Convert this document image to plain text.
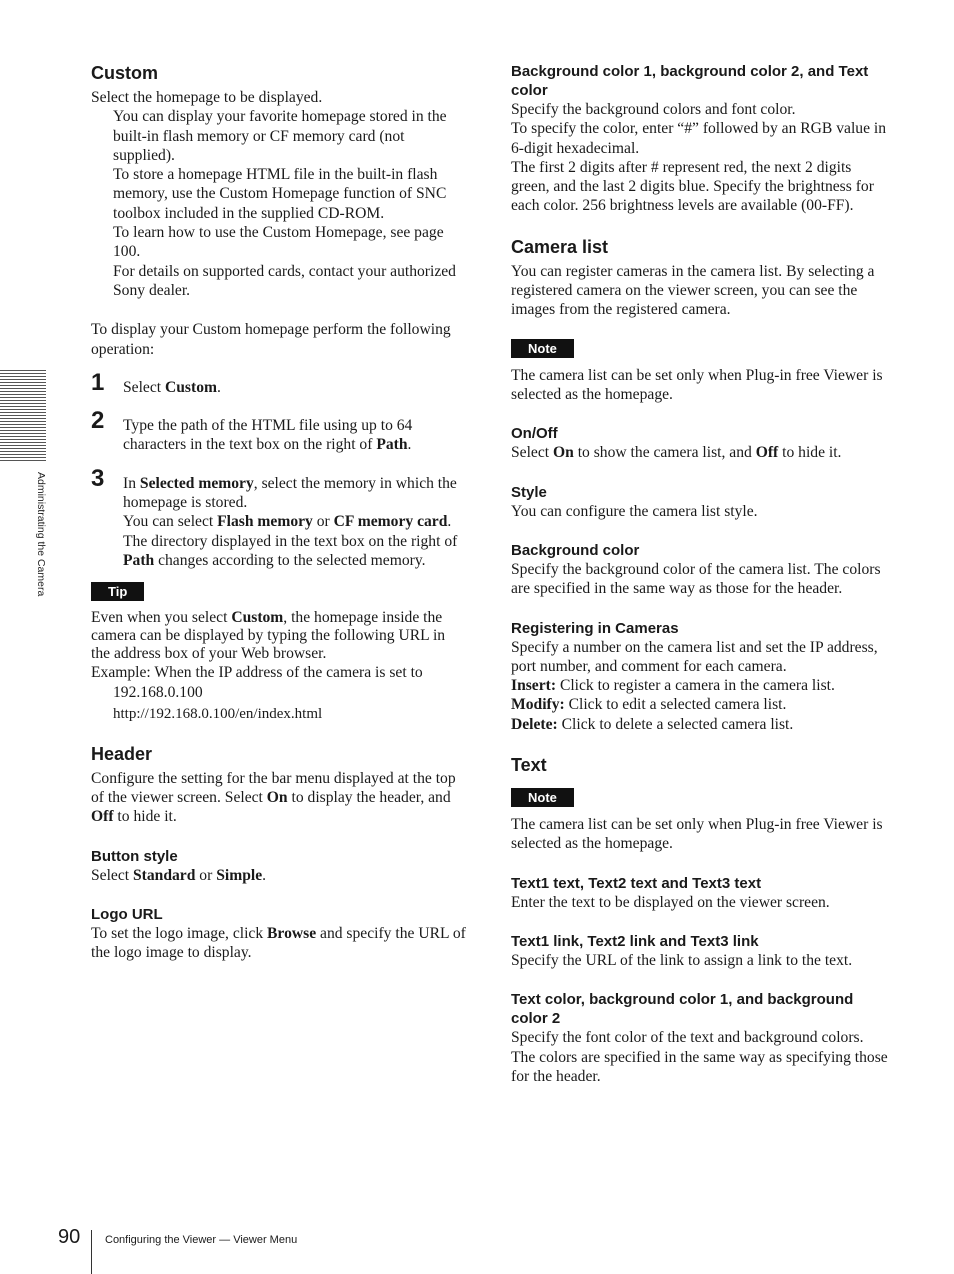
Administrating the Camera
Custom

Select the homepage to be displayed.

You can display your favorite homepage stored in the built-in flash memory or CF memory card (not supplied).

To store a homepage HTML file in the built-in flash memory, use the Custom Homepage function of SNC toolbox included in the supplied CD-ROM.

To learn how to use the Custom Homepage, see page 100.

For details on supported cards, contact your authorized Sony dealer.

To display your Custom homepage perform the following operation:

1 Select Custom.
2 Type the path of the HTML file using up to 64 characters in the text box on the right of Path.
3 In Selected memory, select the memory in which the homepage is stored.

You can select Flash memory or CF memory card.

The directory displayed in the text box on the right of Path changes according to the selected memory.

Tip

Even when you select Custom, the homepage inside the camera can be displayed by typing the following URL in the address box of your Web browser.

Example: When the IP address of the camera is set to 192.168.0.100

http://192.168.0.100/en/index.html

Header

Configure the setting for the bar menu displayed at the top of the viewer screen. Select On to display the header, and Off to hide it.

Button style

Select Standard or Simple.

Logo URL

To set the logo image, click Browse and specify the URL of the logo image to display.

Background color 1, background color 2, and Text color

Specify the background colors and font color.

To specify the color, enter “#” followed by an RGB value in 6-digit hexadecimal.

The first 2 digits after # represent red, the next 2 digits green, and the last 2 digits blue. Specify the brightness for each color. 256 brightness levels are available (00-FF).

Camera list

You can register cameras in the camera list. By selecting a registered camera on the viewer screen, you can see the images from the registered camera.

Note

The camera list can be set only when Plug-in free Viewer is selected as the homepage.

On/Off

Select On to show the camera list, and Off to hide it.

Style

You can configure the camera list style.

Background color

Specify the background color of the camera list. The colors are specified in the same way as those for the header.

Registering in Cameras

Specify a number on the camera list and set the IP address, port number, and comment for each camera.

Insert: Click to register a camera in the camera list.

Modify: Click to edit a selected camera list.

Delete: Click to delete a selected camera list.

Text
Note

The camera list can be set only when Plug-in free Viewer is selected as the homepage.

Text1 text, Text2 text and Text3 text

Enter the text to be displayed on the viewer screen.

Text1 link, Text2 link and Text3 link

Specify the URL of the link to assign a link to the text.

Text color, background color 1, and background color 2

Specify the font color of the text and background colors. The colors are specified in the same way as specifying those for the header.

90 Configuring the Viewer — Viewer Menu
